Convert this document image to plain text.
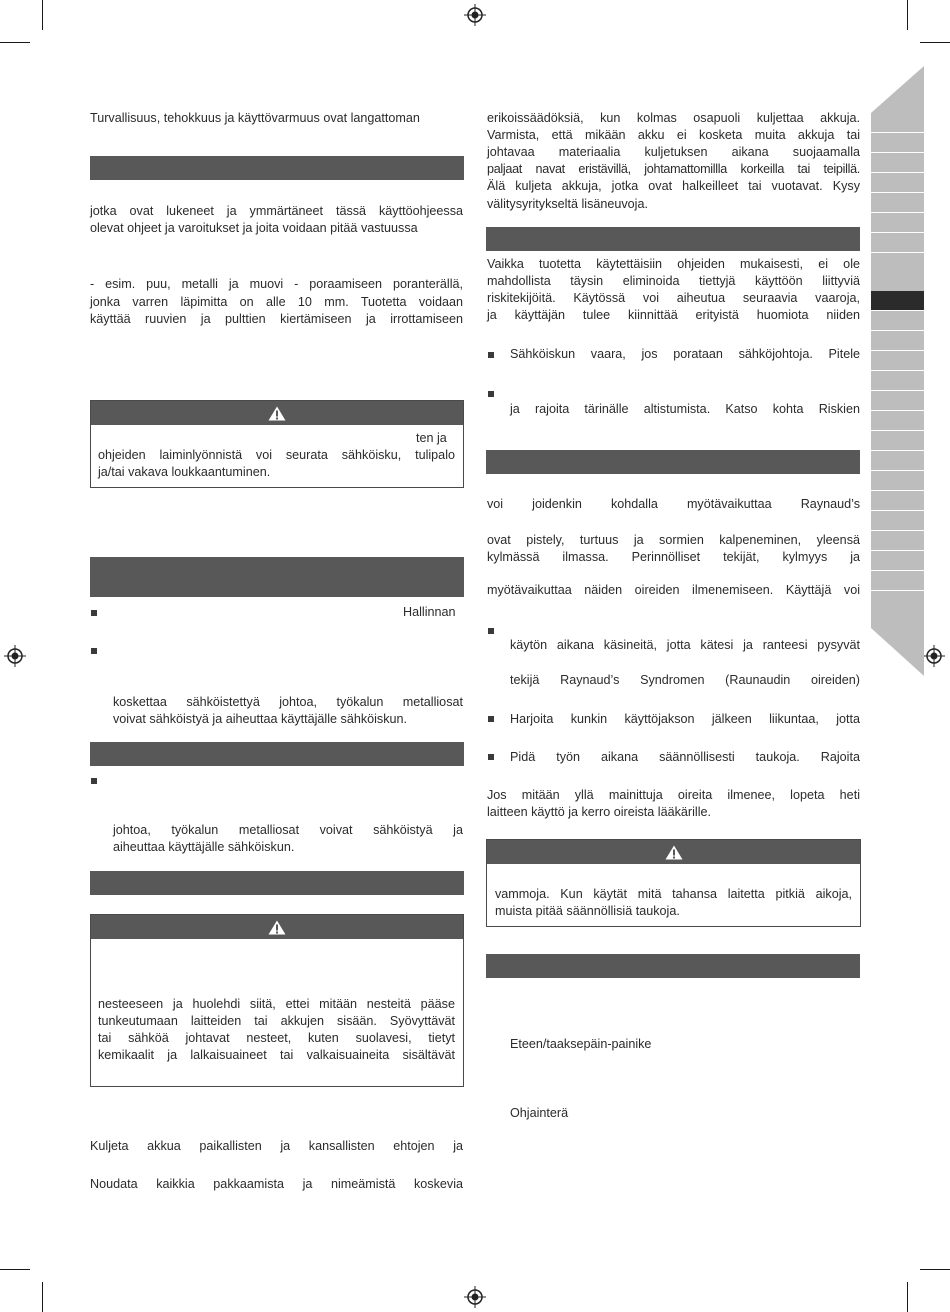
Turvallisuus, tehokkuus ja käyttövarmuus ovat langattoman
jotka ovat lukeneet ja ymmärtäneet tässä käyttöohjeessa
olevat ohjeet ja varoitukset ja joita voidaan pitää vastuussa
- esim. puu, metalli ja muovi - poraamiseen poranterällä,
jonka varren läpimitta on alle 10 mm. Tuotetta voidaan
käyttää ruuvien ja pulttien kiertämiseen ja irrottamiseen
ten ja
ohjeiden laiminlyönnistä voi seurata sähköisku, tulipalo
ja/tai vakava loukkaantuminen.
Hallinnan
koskettaa sähköistettyä johtoa, työkalun metalliosat
voivat sähköistyä ja aiheuttaa käyttäjälle sähköiskun.
johtoa, työkalun metalliosat voivat sähköistyä ja
aiheuttaa käyttäjälle sähköiskun.
nesteeseen ja huolehdi siitä, ettei mitään nesteitä pääse
tunkeutumaan laitteiden tai akkujen sisään. Syövyttävät
tai sähköä johtavat nesteet, kuten suolavesi, tietyt
kemikaalit ja lalkaisuaineet tai valkaisuaineita sisältävät
Kuljeta akkua paikallisten ja kansallisten ehtojen ja
Noudata kaikkia pakkaamista ja nimeämistä koskevia
erikoissäädöksiä, kun kolmas osapuoli kuljettaa akkuja.
Varmista, että mikään akku ei kosketa muita akkuja tai
johtavaa materiaalia kuljetuksen aikana suojaamalla
paljaat navat eristävillä, johtamattomillla korkeilla tai teipillä.
Älä kuljeta akkuja, jotka ovat halkeilleet tai vuotavat. Kysy
välitysyritykseltä lisäneuvoja.
Vaikka tuotetta käytettäisiin ohjeiden mukaisesti, ei ole
mahdollista täysin eliminoida tiettyjä käyttöön liittyviä
riskitekijöitä. Käytössä voi aiheutua seuraavia vaaroja,
ja käyttäjän tulee kiinnittää erityistä huomiota niiden
Sähköiskun vaara, jos porataan sähköjohtoja. Pitele
ja rajoita tärinälle altistumista. Katso kohta Riskien
voi joidenkin kohdalla myötävaikuttaa Raynaud’s
ovat pistely, turtuus ja sormien kalpeneminen, yleensä
kylmässä ilmassa. Perinnölliset tekijät, kylmyys ja
myötävaikuttaa näiden oireiden ilmenemiseen. Käyttäjä voi
käytön aikana käsineitä, jotta kätesi ja ranteesi pysyvät
tekijä Raynaud’s Syndromen (Raunaudin oireiden)
Harjoita kunkin käyttöjakson jälkeen liikuntaa, jotta
Pidä työn aikana säännöllisesti taukoja. Rajoita
Jos mitään yllä mainittuja oireita ilmenee, lopeta heti
laitteen käyttö ja kerro oireista lääkärille.
vammoja. Kun käytät mitä tahansa laitetta pitkiä aikoja,
muista pitää säännöllisiä taukoja.
Eteen/taaksepäin-painike
Ohjainterä
